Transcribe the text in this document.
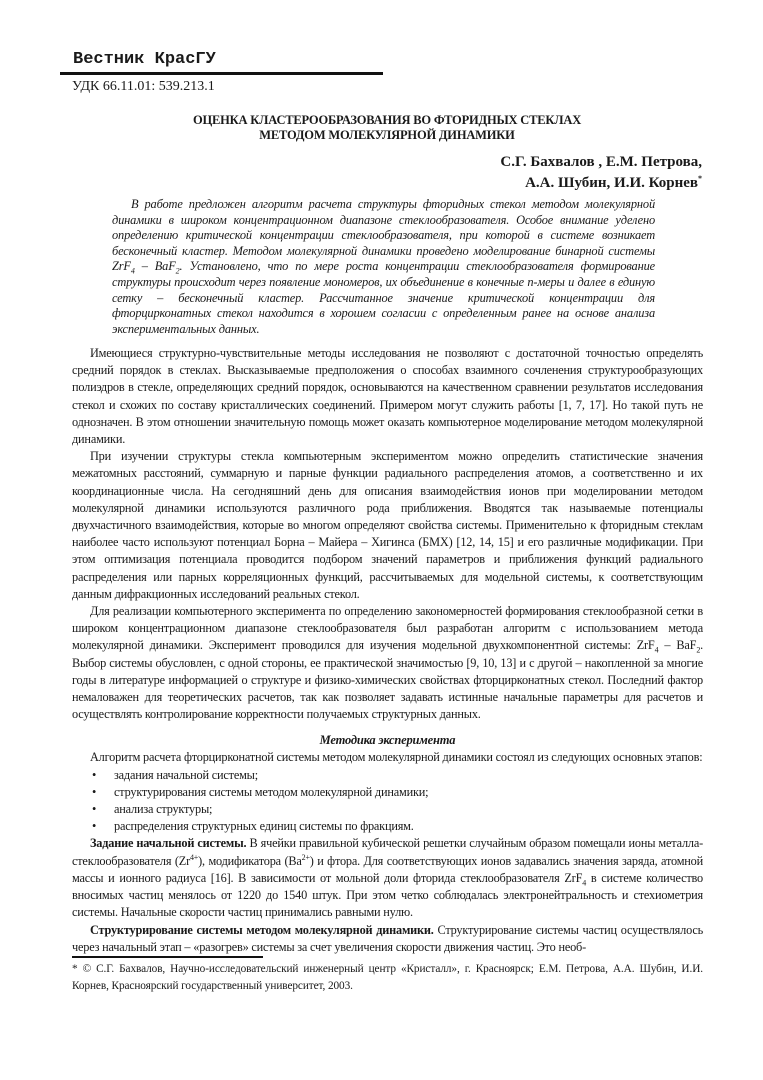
Вестник КрасГУ
УДК 66.11.01: 539.213.1
ОЦЕНКА КЛАСТЕРООБРАЗОВАНИЯ ВО ФТОРИДНЫХ СТЕКЛАХ
МЕТОДОМ МОЛЕКУЛЯРНОЙ ДИНАМИКИ
С.Г. Бахвалов , Е.М. Петрова,
А.А. Шубин, И.И. Корнев*
В работе предложен алгоритм расчета структуры фторидных стекол методом молекулярной динамики в широком концентрационном диапазоне стеклообразователя. Особое внимание уделено определению критической концентрации стеклообразователя, при которой в системе возникает бесконечный кластер. Методом молекулярной динамики проведено моделирование бинарной системы ZrF$_4$ – BaF$_2$. Установлено, что по мере роста концентрации стеклообразователя формирование структуры происходит через появление мономеров, их объединение в конечные n-меры и далее в единую сетку – бесконечный кластер. Рассчитанное значение критической концентрации для фторцирконатных стекол находится в хорошем согласии с определенным ранее на основе анализа экспериментальных данных.

Имеющиеся структурно-чувствительные методы исследования не позволяют с достаточной точностью определять средний порядок в стеклах. Высказываемые предположения о способах взаимного сочленения структурообразующих полиэдров в стекле, определяющих средний порядок, основываются на качественном сравнении результатов исследования стекол и схожих по составу кристаллических соединений. Примером могут служить работы [1, 7, 17]. Но такой путь не однозначен. В этом отношении значительную помощь может оказать компьютерное моделирование методом молекулярной динамики.

При изучении структуры стекла компьютерным экспериментом можно определить статистические значения межатомных расстояний, суммарную и парные функции радиального распределения атомов, а соответственно и их координационные числа. На сегодняшний день для описания взаимодействия ионов при моделировании методом молекулярной динамики используются различного рода приближения. Вводятся так называемые потенциалы двухчастичного взаимодействия, которые во многом определяют свойства системы. Применительно к фторидным стеклам наиболее часто используют потенциал Борна – Майера – Хигинса (БМХ) [12, 14, 15] и его различные модификации. При этом оптимизация потенциала проводится подбором значений параметров и приближения функций радиального распределения или парных корреляционных функций, рассчитываемых для модельной системы, к соответствующим данным дифракционных исследований реальных стекол.

Для реализации компьютерного эксперимента по определению закономерностей формирования стеклообразной сетки в широком концентрационном диапазоне стеклообразователя был разработан алгоритм с использованием метода молекулярной динамики. Эксперимент проводился для изучения модельной двухкомпонентной системы: ZrF$_4$ – BaF$_2$. Выбор системы обусловлен, с одной стороны, ее практической значимостью [9, 10, 13] и с другой – накопленной за многие годы в литературе информацией о структуре и физико-химических свойствах фторцирконатных стекол. Последний фактор немаловажен для теоретических расчетов, так как позволяет задавать истинные начальные параметры для расчетов и осуществлять контролирование корректности получаемых структурных данных.

Методика эксперимента

Алгоритм расчета фторцирконатной системы методом молекулярной динамики состоял из следующих основных этапов:

• задания начальной системы;
• структурирования системы методом молекулярной динамики;
• анализа структуры;
• распределения структурных единиц системы по фракциям.

Задание начальной системы. В ячейки правильной кубической решетки случайным образом помещали ионы металла-стеклообразователя $(Zr^{4+})$, модификатора $(Ba^{2+})$ и фтора. Для соответствующих ионов задавались значения заряда, атомной массы и ионного радиуса [16]. В зависимости от мольной доли фторида стеклообразователя ZrF$_4$ в системе количество вносимых частиц менялось от 1220 до 1540 штук. При этом четко соблюдалась электронейтральность и стехиометрия системы. Начальные скорости частиц принимались равными нулю.

Структурирование системы методом молекулярной динамики. Структурирование системы частиц осуществлялось через начальный этап – «разогрев» системы за счет увеличения скорости движения частиц. Это необ-

* © С.Г. Бахвалов, Научно-исследовательский инженерный центр «Кристалл», г. Красноярск; Е.М. Петрова, А.А. Шубин, И.И. Корнев, Красноярский государственный университет, 2003.
